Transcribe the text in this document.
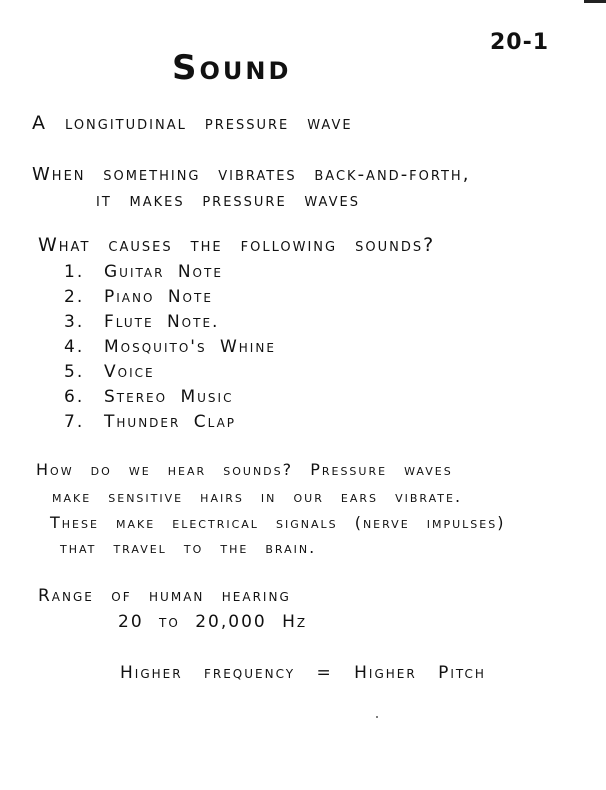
20-1
Sound
A longitudinal pressure wave
When something vibrates back-and-forth,
it makes pressure waves
What causes the following sounds?
1.	Guitar Note
2.	Piano Note
3.	Flute Note.
4.	Mosquito's Whine
5.	Voice
6.	Stereo Music
7.	Thunder Clap
How do we hear sounds? Pressure waves
make sensitive hairs in our ears vibrate.
These make electrical signals (nerve impulses)
that travel to the brain.
Range of human hearing
20 to 20,000 Hz
Higher frequency = Higher Pitch
